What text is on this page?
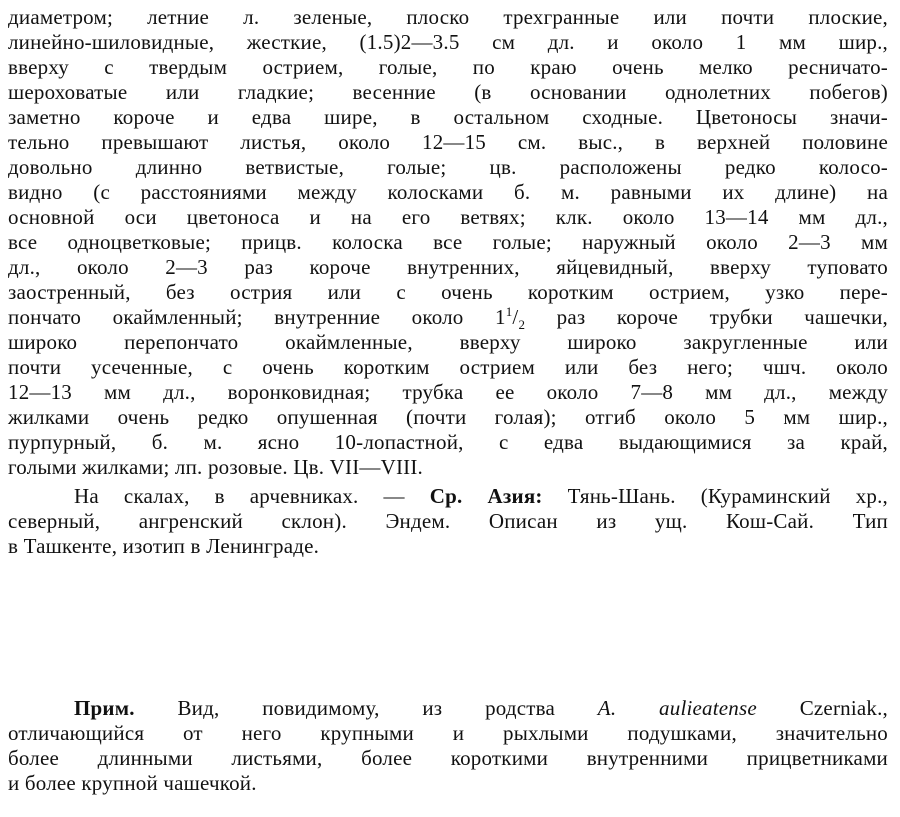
диаметром; летние л. зеленые, плоско трехгранные или почти плоские,
линейно-шиловидные, жесткие, (1.5)2—3.5 см дл. и около 1 мм шир.,
вверху с твердым острием, голые, по краю очень мелко ресничато-
шероховатые или гладкие; весенние (в основании однолетних побегов)
заметно короче и едва шире, в остальном сходные. Цветоносы значи-
тельно превышают листья, около 12—15 см. выс., в верхней половине
довольно длинно ветвистые, голые; цв. расположены редко колосо-
видно (с расстояниями между колосками б. м. равными их длине) на
основной оси цветоноса и на его ветвях; клк. около 13—14 мм дл.,
все одноцветковые; прицв. колоска все голые; наружный около 2—3 мм
дл., около 2—3 раз короче внутренних, яйцевидный, вверху туповато
заостренный, без острия или с очень коротким острием, узко пере-
пончато окаймленный; внутренние около $1^1/_2$ раз короче трубки чашечки,
широко перепончато окаймленные, вверху широко закругленные или
почти усеченные, с очень коротким острием или без него; чшч. около
12—13 мм дл., воронковидная; трубка ее около 7—8 мм дл., между
жилками очень редко опушенная (почти голая); отгиб около 5 мм шир.,
пурпурный, б. м. ясно 10-лопастной, с едва выдающимися за край,
голыми жилками; лп. розовые. Цв. VII—VIII.
На скалах, в арчевниках. — Ср. Азия: Тянь-Шань. (Кураминский хр.,
северный, ангренский склон). Эндем. Описан из ущ. Кош-Сай. Тип
в Ташкенте, изотип в Ленинграде.
Прим. Вид, повидимому, из родства A. aulieatense Czerniak.,
отличающийся от него крупными и рыхлыми подушками, значительно
более длинными листьями, более короткими внутренними прицветниками
и более крупной чашечкой.
